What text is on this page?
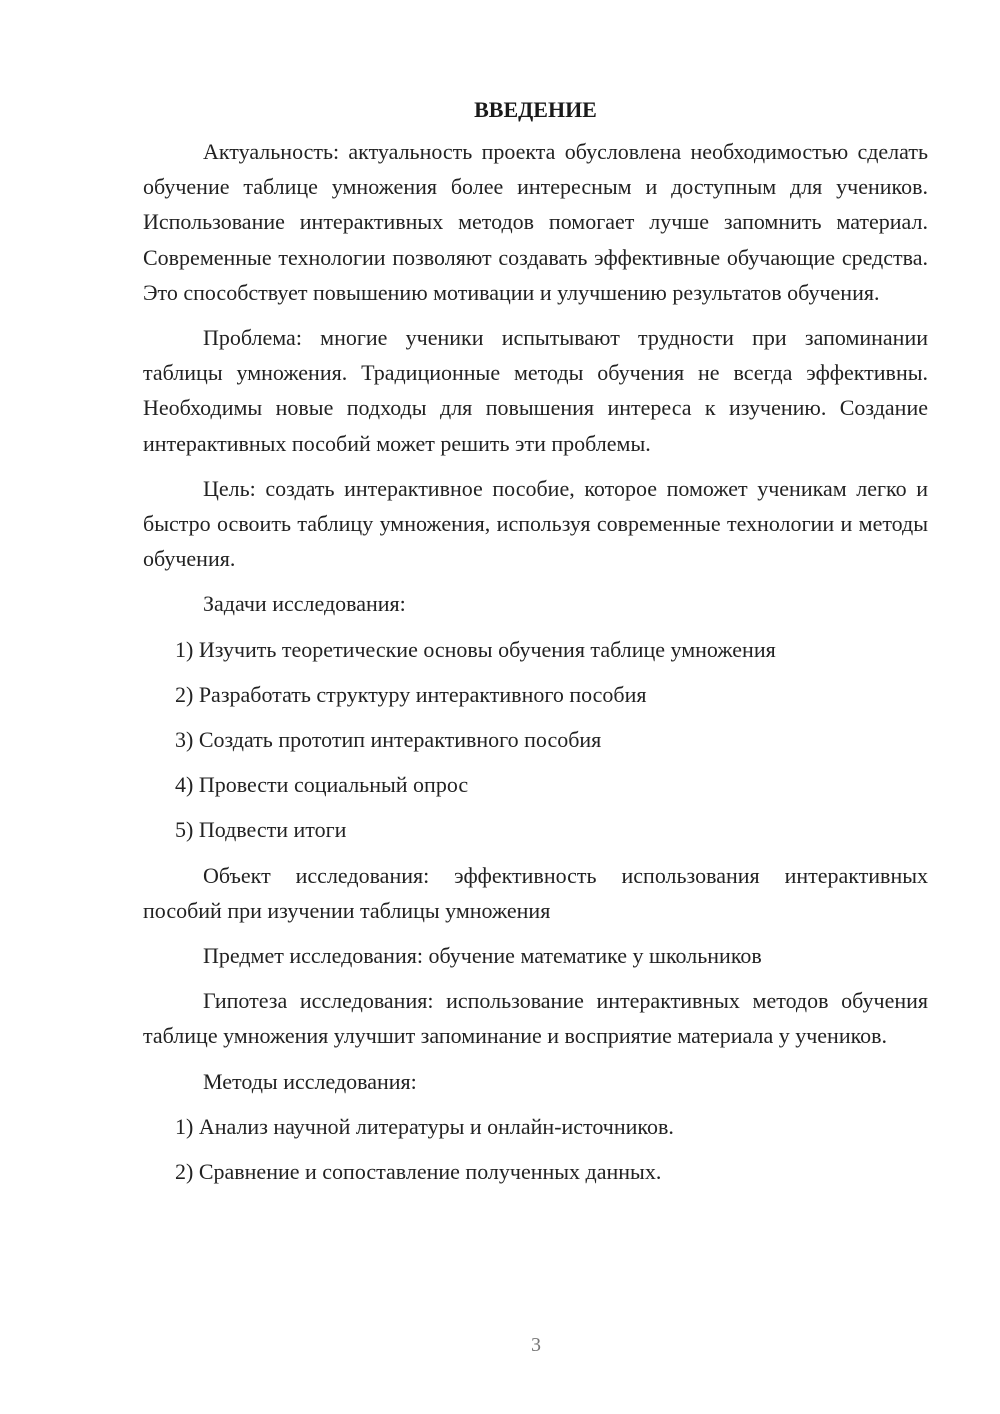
ВВЕДЕНИЕ

Актуальность: актуальность проекта обусловлена необходимостью сделать обучение таблице умножения более интересным и доступным для учеников. Использование интерактивных методов помогает лучше запомнить материал. Современные технологии позволяют создавать эффективные обучающие средства. Это способствует повышению мотивации и улучшению результатов обучения.

Проблема: многие ученики испытывают трудности при запоминании таблицы умножения. Традиционные методы обучения не всегда эффективны. Необходимы новые подходы для повышения интереса к изучению. Создание интерактивных пособий может решить эти проблемы.

Цель: создать интерактивное пособие, которое поможет ученикам легко и быстро освоить таблицу умножения, используя современные технологии и методы обучения.

Задачи исследования:
1) Изучить теоретические основы обучения таблице умножения
2) Разработать структуру интерактивного пособия
3) Создать прототип интерактивного пособия
4) Провести социальный опрос
5) Подвести итоги

Объект исследования: эффективность использования интерактивных пособий при изучении таблицы умножения

Предмет исследования: обучение математике у школьников

Гипотеза исследования: использование интерактивных методов обучения таблице умножения улучшит запоминание и восприятие материала у учеников.

Методы исследования:
1) Анализ научной литературы и онлайн-источников.
2) Сравнение и сопоставление полученных данных.
3
